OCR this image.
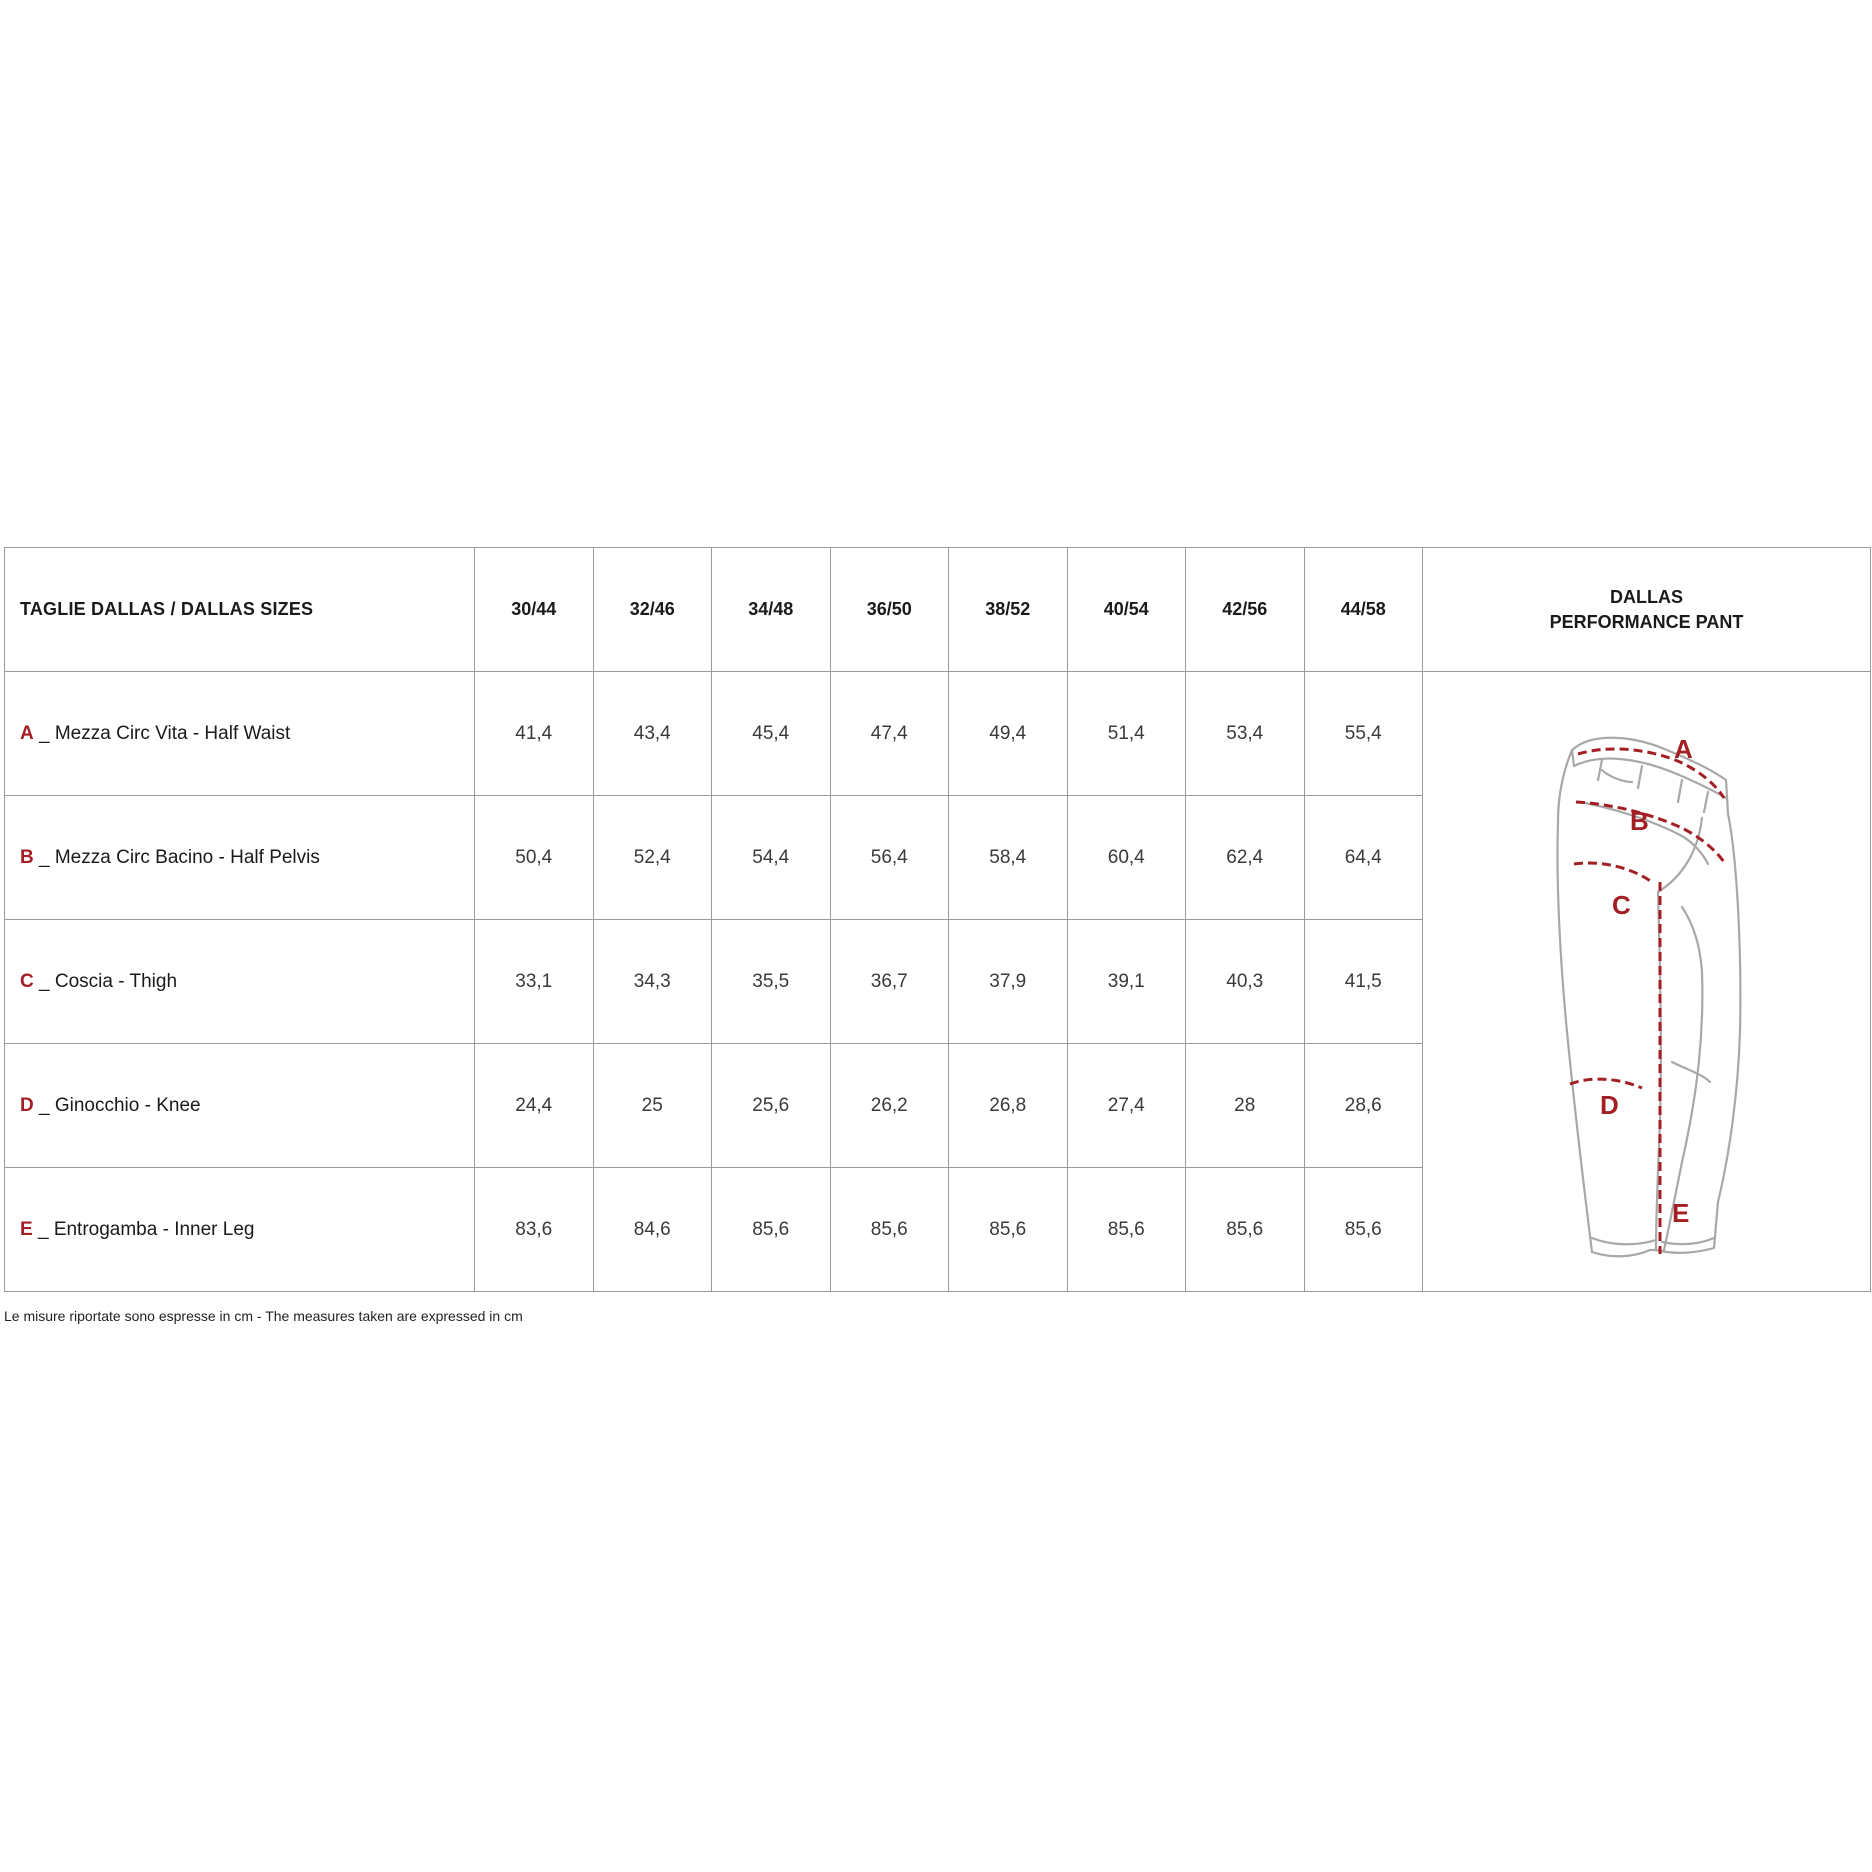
TAGLIE DALLAS / DALLAS SIZES	30/44	32/46	34/48	36/50	38/52	40/54	42/56	44/58	DALLAS
PERFORMANCE PANT
A _ Mezza Circ Vita - Half Waist	41,4	43,4	45,4	47,4	49,4	51,4	53,4	55,4	A
B
C
D
E

B _ Mezza Circ Bacino - Half Pelvis	50,4	52,4	54,4	56,4	58,4	60,4	62,4	64,4	
C _ Coscia - Thigh	33,1	34,3	35,5	36,7	37,9	39,1	40,3	41,5	
D _ Ginocchio - Knee	24,4	25	25,6	26,2	26,8	27,4	28	28,6	
E _ Entrogamba - Inner Leg	83,6	84,6	85,6	85,6	85,6	85,6	85,6	85,6	
Le misure riportate sono espresse in cm - The measures taken are expressed in cm
